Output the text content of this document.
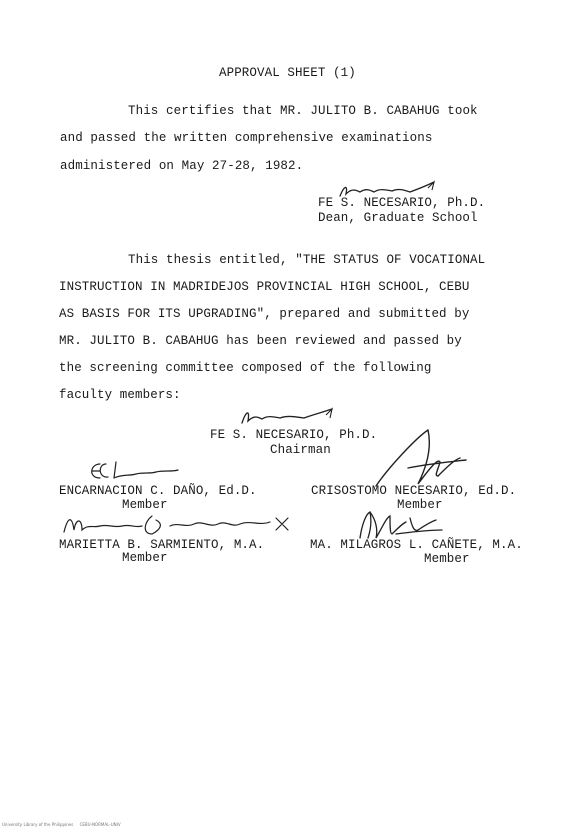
APPROVAL SHEET (1)
This certifies that MR. JULITO B. CABAHUG took
and passed the written comprehensive examinations
administered on May 27-28, 1982.
FE S. NECESARIO, Ph.D.
Dean, Graduate School
This thesis entitled, "THE STATUS OF VOCATIONAL
INSTRUCTION IN MADRIDEJOS PROVINCIAL HIGH SCHOOL, CEBU
AS BASIS FOR ITS UPGRADING", prepared and submitted by
MR. JULITO B. CABAHUG has been reviewed and passed by
the screening committee composed of the following
faculty members:
FE S. NECESARIO, Ph.D.
Chairman
ENCARNACION C. DAÑO, Ed.D.
Member
CRISOSTOMO NECESARIO, Ed.D.
Member
MARIETTA B. SARMIENTO, M.A.
Member
MA. MILAGROS L. CAÑETE, M.A.
Member
University Library of the Philippines     CEBU-NORMAL-UNIV
